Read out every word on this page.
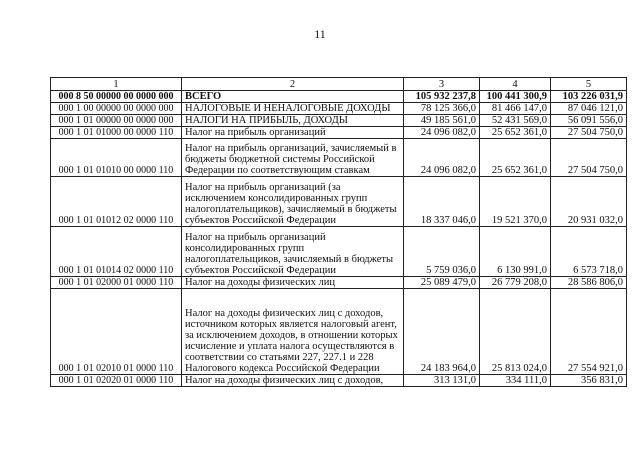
11
1	2	3	4	5
000 8 50 00000 00 0000 000	ВСЕГО	105 932 237,8	100 441 300,9	103 226 031,9
000 1 00 00000 00 0000 000	НАЛОГОВЫЕ И НЕНАЛОГОВЫЕ ДОХОДЫ	78 125 366,0	81 466 147,0	87 046 121,0
000 1 01 00000 00 0000 000	НАЛОГИ НА ПРИБЫЛЬ, ДОХОДЫ	49 185 561,0	52 431 569,0	56 091 556,0
000 1 01 01000 00 0000 110	Налог на прибыль организаций	24 096 082,0	25 652 361,0	27 504 750,0
000 1 01 01010 00 0000 110	Налог на прибыль организаций, зачисляемый в бюджеты бюджетной системы Российской Федерации по соответствующим ставкам	24 096 082,0	25 652 361,0	27 504 750,0
000 1 01 01012 02 0000 110	Налог на прибыль организаций (за исключением консолидированных групп налогоплательщиков), зачисляемый в бюджеты субъектов Российской Федерации	18 337 046,0	19 521 370,0	20 931 032,0
000 1 01 01014 02 0000 110	Налог на прибыль организаций консолидированных групп налогоплательщиков, зачисляемый в бюджеты субъектов Российской Федерации	5 759 036,0	6 130 991,0	6 573 718,0
000 1 01 02000 01 0000 110	Налог на доходы физических лиц	25 089 479,0	26 779 208,0	28 586 806,0
000 1 01 02010 01 0000 110	Налог на доходы физических лиц с доходов, источником которых является налоговый агент, за исключением доходов, в отношении которых исчисление и уплата налога осуществляются в соответствии со статьями 227, 227.1 и 228 Налогового кодекса Российской Федерации	24 183 964,0	25 813 024,0	27 554 921,0
000 1 01 02020 01 0000 110	Налог на доходы физических лиц с доходов,	313 131,0	334 111,0	356 831,0
